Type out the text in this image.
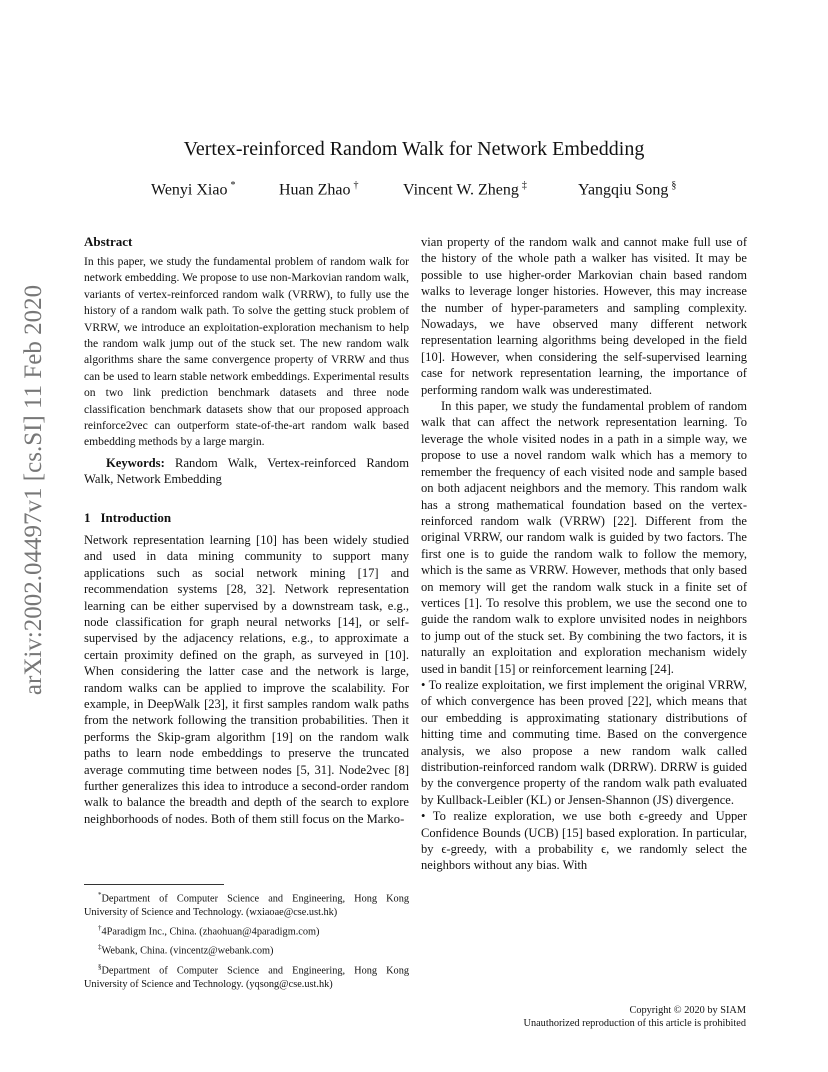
arXiv:2002.04497v1 [cs.SI] 11 Feb 2020
Vertex-reinforced Random Walk for Network Embedding
Wenyi Xiao *	Huan Zhao †	Vincent W. Zheng ‡	Yangqiu Song §
Abstract

In this paper, we study the fundamental problem of random walk for network embedding. We propose to use non-Markovian random walk, variants of vertex-reinforced random walk (VRRW), to fully use the history of a random walk path. To solve the getting stuck problem of VRRW, we introduce an exploitation-exploration mechanism to help the random walk jump out of the stuck set. The new random walk algorithms share the same convergence property of VRRW and thus can be used to learn stable network embeddings. Experimental results on two link prediction benchmark datasets and three node classification benchmark datasets show that our proposed approach reinforce2vec can outperform state-of-the-art random walk based embedding methods by a large margin.

Keywords: Random Walk, Vertex-reinforced Random Walk, Network Embedding

1 Introduction

Network representation learning [10] has been widely studied and used in data mining community to support many applications such as social network mining [17] and recommendation systems [28, 32]. Network representation learning can be either supervised by a downstream task, e.g., node classification for graph neural networks [14], or self-supervised by the adjacency relations, e.g., to approximate a certain proximity defined on the graph, as surveyed in [10]. When considering the latter case and the network is large, random walks can be applied to improve the scalability. For example, in DeepWalk [23], it first samples random walk paths from the network following the transition probabilities. Then it performs the Skip-gram algorithm [19] on the random walk paths to learn node embeddings to preserve the truncated average commuting time between nodes [5, 31]. Node2vec [8] further generalizes this idea to introduce a second-order random walk to balance the breadth and depth of the search to explore neighborhoods of nodes. Both of them still focus on the Marko-

vian property of the random walk and cannot make full use of the history of the whole path a walker has visited. It may be possible to use higher-order Markovian chain based random walks to leverage longer histories. However, this may increase the number of hyper-parameters and sampling complexity. Nowadays, we have observed many different network representation learning algorithms being developed in the field [10]. However, when considering the self-supervised learning case for network representation learning, the importance of performing random walk was underestimated.

In this paper, we study the fundamental problem of random walk that can affect the network representation learning. To leverage the whole visited nodes in a path in a simple way, we propose to use a novel random walk which has a memory to remember the frequency of each visited node and sample based on both adjacent neighbors and the memory. This random walk has a strong mathematical foundation based on the vertex-reinforced random walk (VRRW) [22]. Different from the original VRRW, our random walk is guided by two factors. The first one is to guide the random walk to follow the memory, which is the same as VRRW. However, methods that only based on memory will get the random walk stuck in a finite set of vertices [1]. To resolve this problem, we use the second one to guide the random walk to explore unvisited nodes in neighbors to jump out of the stuck set. By combining the two factors, it is naturally an exploitation and exploration mechanism widely used in bandit [15] or reinforcement learning [24].

• To realize exploitation, we first implement the original VRRW, of which convergence has been proved [22], which means that our embedding is approximating stationary distributions of hitting time and commuting time. Based on the convergence analysis, we also propose a new random walk called distribution-reinforced random walk (DRRW). DRRW is guided by the convergence property of the random walk path evaluated by Kullback-Leibler (KL) or Jensen-Shannon (JS) divergence.

• To realize exploration, we use both ϵ-greedy and Upper Confidence Bounds (UCB) [15] based exploration. In particular, by ϵ-greedy, with a probability ϵ, we randomly select the neighbors without any bias. With

*Department of Computer Science and Engineering, Hong Kong University of Science and Technology. (wxiaoae@cse.ust.hk)

†4Paradigm Inc., China. (zhaohuan@4paradigm.com)

‡Webank, China. (vincentz@webank.com)

§Department of Computer Science and Engineering, Hong Kong University of Science and Technology. (yqsong@cse.ust.hk)

Copyright © 2020 by SIAM
Unauthorized reproduction of this article is prohibited
